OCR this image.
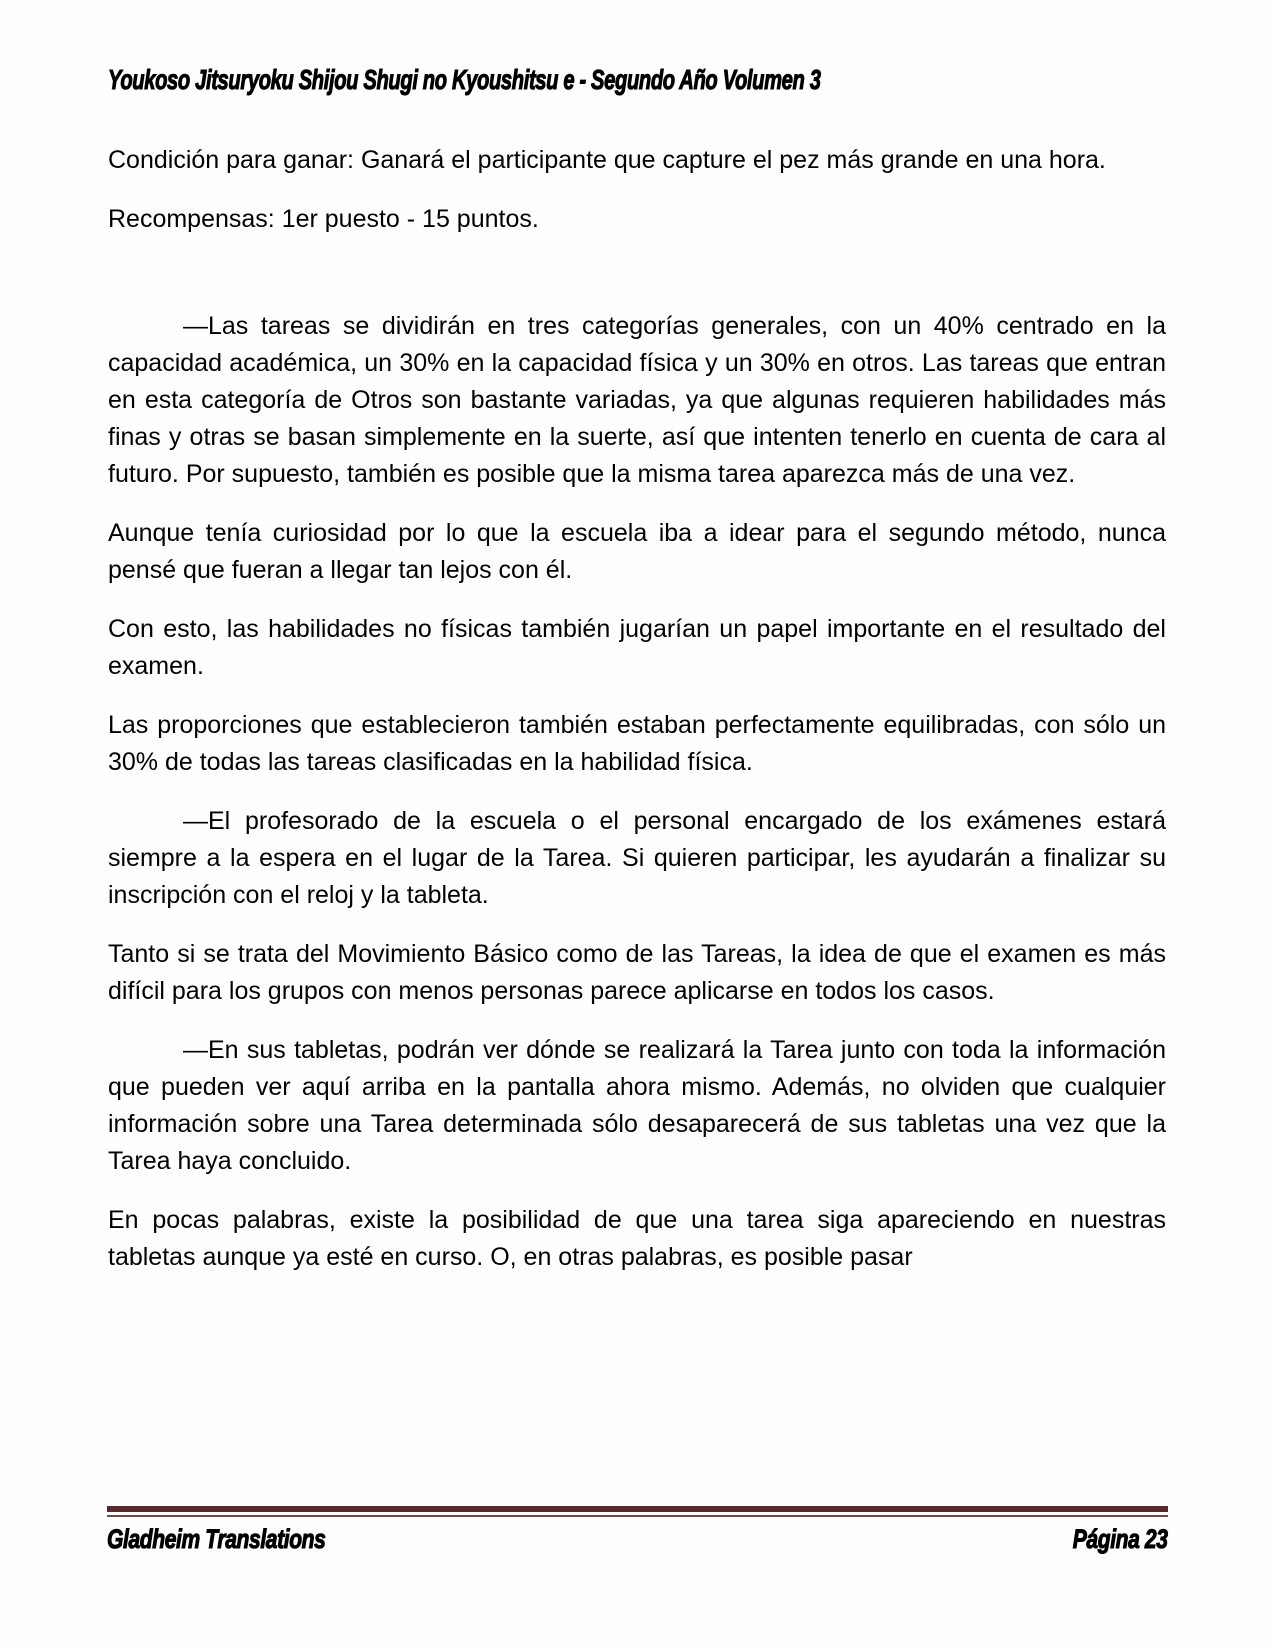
Youkoso Jitsuryoku Shijou Shugi no Kyoushitsu e - Segundo Año Volumen 3

Condición para ganar: Ganará el participante que capture el pez más grande en una hora.

Recompensas: 1er puesto - 15 puntos.

—Las tareas se dividirán en tres categorías generales, con un 40% centrado en la capacidad académica, un 30% en la capacidad física y un 30% en otros. Las tareas que entran en esta categoría de Otros son bastante variadas, ya que algunas requieren habilidades más finas y otras se basan simplemente en la suerte, así que intenten tenerlo en cuenta de cara al futuro. Por supuesto, también es posible que la misma tarea aparezca más de una vez.

Aunque tenía curiosidad por lo que la escuela iba a idear para el segundo método, nunca pensé que fueran a llegar tan lejos con él.

Con esto, las habilidades no físicas también jugarían un papel importante en el resultado del examen.

Las proporciones que establecieron también estaban perfectamente equilibradas, con sólo un 30% de todas las tareas clasificadas en la habilidad física.

—El profesorado de la escuela o el personal encargado de los exámenes estará siempre a la espera en el lugar de la Tarea. Si quieren participar, les ayudarán a finalizar su inscripción con el reloj y la tableta.

Tanto si se trata del Movimiento Básico como de las Tareas, la idea de que el examen es más difícil para los grupos con menos personas parece aplicarse en todos los casos.

—En sus tabletas, podrán ver dónde se realizará la Tarea junto con toda la información que pueden ver aquí arriba en la pantalla ahora mismo. Además, no olviden que cualquier información sobre una Tarea determinada sólo desaparecerá de sus tabletas una vez que la Tarea haya concluido.

En pocas palabras, existe la posibilidad de que una tarea siga apareciendo en nuestras tabletas aunque ya esté en curso. O, en otras palabras, es posible pasar

Gladheim Translations	Página 23
